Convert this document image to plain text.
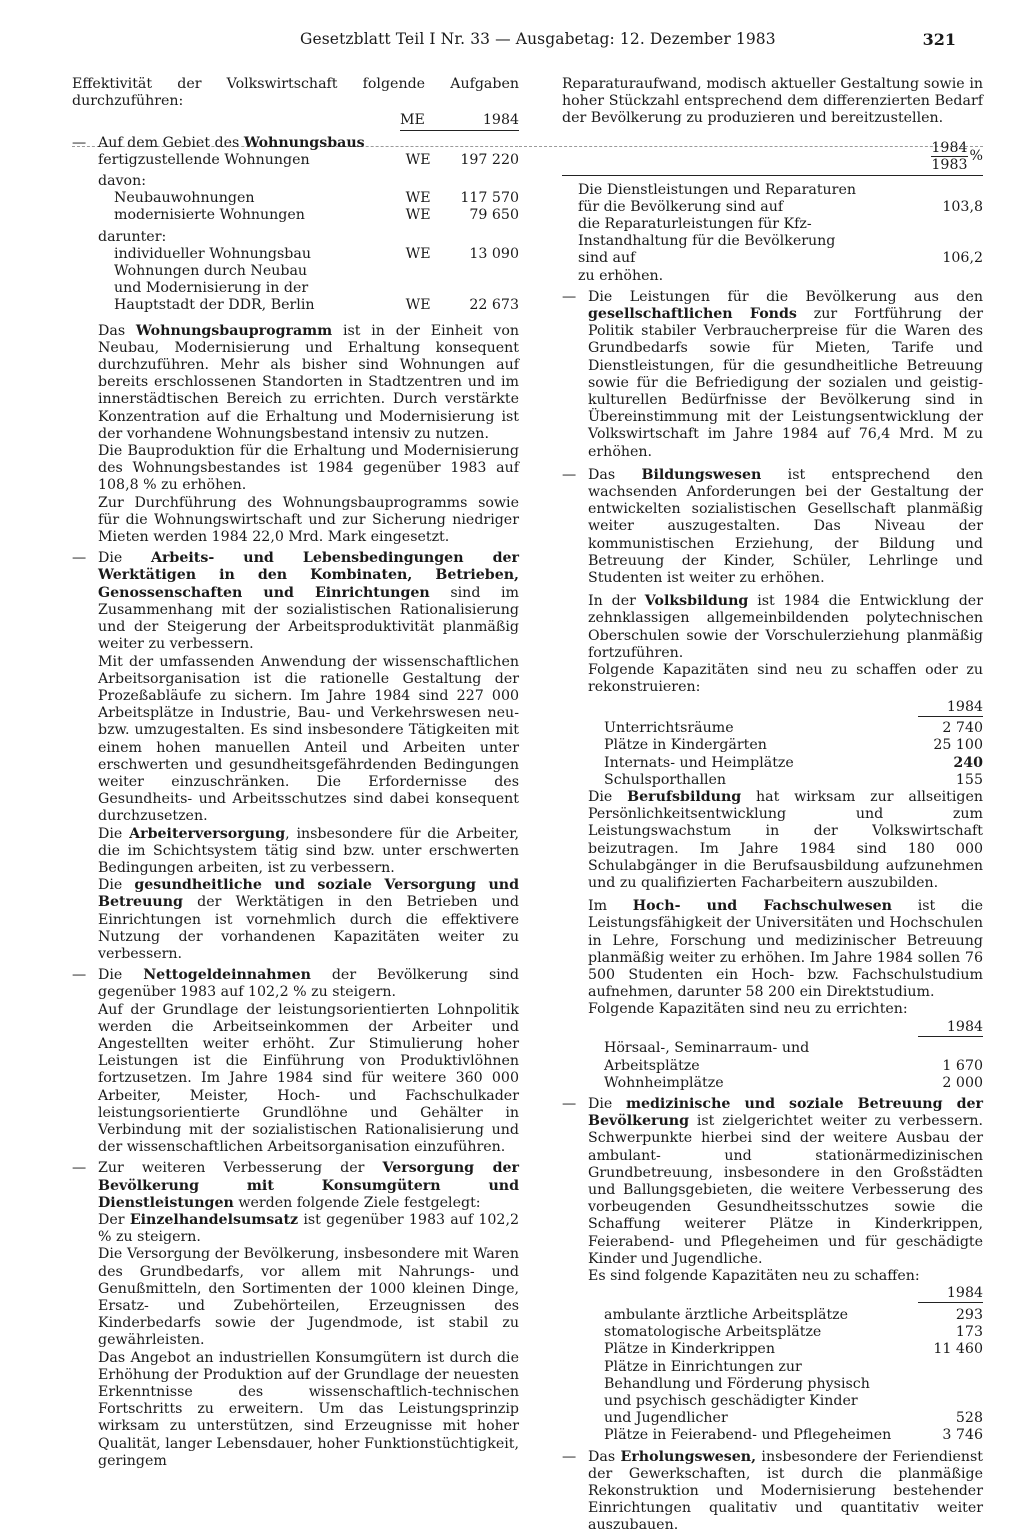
Gesetzblatt Teil I Nr. 33 — Ausgabetag: 12. Dezember 1983	321

Effektivität der Volkswirtschaft folgende Aufgaben durchzuführen:

	ME	1984
— Auf dem Gebiet des Wohnungsbaus
fertigzustellende Wohnungen	WE	197 220
davon:		
Neubauwohnungen	WE	117 570
modernisierte Wohnungen	WE	79 650
darunter:		
individueller Wohnungsbau	WE	13 090
Wohnungen durch Neubau und Modernisierung in der Hauptstadt der DDR, Berlin	WE	22 673

Das Wohnungsbauprogramm ist in der Einheit von Neubau, Modernisierung und Erhaltung konsequent durchzuführen. Mehr als bisher sind Wohnungen auf bereits erschlossenen Standorten in Stadtzentren und im innerstädtischen Bereich zu errichten. Durch verstärkte Konzentration auf die Erhaltung und Modernisierung ist der vorhandene Wohnungsbestand intensiv zu nutzen.

Die Bauproduktion für die Erhaltung und Modernisierung des Wohnungsbestandes ist 1984 gegenüber 1983 auf 108,8 % zu erhöhen.

Zur Durchführung des Wohnungsbauprogramms sowie für die Wohnungswirtschaft und zur Sicherung niedriger Mieten werden 1984 22,0 Mrd. Mark eingesetzt.

— Die Arbeits- und Lebensbedingungen der Werktätigen in den Kombinaten, Betrieben, Genossenschaften und Einrichtungen sind im Zusammenhang mit der sozialistischen Rationalisierung und der Steigerung der Arbeitsproduktivität planmäßig weiter zu verbessern.

Mit der umfassenden Anwendung der wissenschaftlichen Arbeitsorganisation ist die rationelle Gestaltung der Prozeßabläufe zu sichern. Im Jahre 1984 sind 227 000 Arbeitsplätze in Industrie, Bau- und Verkehrswesen neu- bzw. umzugestalten. Es sind insbesondere Tätigkeiten mit einem hohen manuellen Anteil und Arbeiten unter erschwerten und gesundheitsgefährdenden Bedingungen weiter einzuschränken. Die Erfordernisse des Gesundheits- und Arbeitsschutzes sind dabei konsequent durchzusetzen.

Die Arbeiterversorgung, insbesondere für die Arbeiter, die im Schichtsystem tätig sind bzw. unter erschwerten Bedingungen arbeiten, ist zu verbessern.

Die gesundheitliche und soziale Versorgung und Betreuung der Werktätigen in den Betrieben und Einrichtungen ist vornehmlich durch die effektivere Nutzung der vorhandenen Kapazitäten weiter zu verbessern.

— Die Nettogeldeinnahmen der Bevölkerung sind gegenüber 1983 auf 102,2 % zu steigern.

Auf der Grundlage der leistungsorientierten Lohnpolitik werden die Arbeitseinkommen der Arbeiter und Angestellten weiter erhöht. Zur Stimulierung hoher Leistungen ist die Einführung von Produktivlöhnen fortzusetzen. Im Jahre 1984 sind für weitere 360 000 Arbeiter, Meister, Hoch- und Fachschulkader leistungsorientierte Grundlöhne und Gehälter in Verbindung mit der sozialistischen Rationalisierung und der wissenschaftlichen Arbeitsorganisation einzuführen.

— Zur weiteren Verbesserung der Versorgung der Bevölkerung mit Konsumgütern und Dienstleistungen werden folgende Ziele festgelegt:

Der Einzelhandelsumsatz ist gegenüber 1983 auf 102,2 % zu steigern.

Die Versorgung der Bevölkerung, insbesondere mit Waren des Grundbedarfs, vor allem mit Nahrungs- und Genußmitteln, den Sortimenten der 1000 kleinen Dinge, Ersatz- und Zubehörteilen, Erzeugnissen des Kinderbedarfs sowie der Jugendmode, ist stabil zu gewährleisten.

Das Angebot an industriellen Konsumgütern ist durch die Erhöhung der Produktion auf der Grundlage der neuesten Erkenntnisse des wissenschaftlich-technischen Fortschritts zu erweitern. Um das Leistungsprinzip wirksam zu unterstützen, sind Erzeugnisse mit hoher Qualität, langer Lebensdauer, hoher Funktionstüchtigkeit, geringem

Reparaturaufwand, modisch aktueller Gestaltung sowie in hoher Stückzahl entsprechend dem differenzierten Bedarf der Bevölkerung zu produzieren und bereitzustellen.

	$\frac{1984}{1983}$ %

Die Dienstleistungen und Reparaturen für die Bevölkerung sind auf	103,8
die Reparaturleistungen für Kfz-Instandhaltung für die Bevölkerung sind auf	106,2
zu erhöhen.	
— Die Leistungen für die Bevölkerung aus den gesellschaftlichen Fonds zur Fortführung der Politik stabiler Verbraucherpreise für die Waren des Grundbedarfs sowie für Mieten, Tarife und Dienstleistungen, für die gesundheitliche Betreuung sowie für die Befriedigung der sozialen und geistig-kulturellen Bedürfnisse der Bevölkerung sind in Übereinstimmung mit der Leistungsentwicklung der Volkswirtschaft im Jahre 1984 auf 76,4 Mrd. M zu erhöhen.

— Das Bildungswesen ist entsprechend den wachsenden Anforderungen bei der Gestaltung der entwickelten sozialistischen Gesellschaft planmäßig weiter auszugestalten. Das Niveau der kommunistischen Erziehung, der Bildung und Betreuung der Kinder, Schüler, Lehrlinge und Studenten ist weiter zu erhöhen.

In der Volksbildung ist 1984 die Entwicklung der zehnklassigen allgemeinbildenden polytechnischen Oberschulen sowie der Vorschulerziehung planmäßig fortzuführen.

Folgende Kapazitäten sind neu zu schaffen oder zu rekonstruieren:

	1984
Unterrichtsräume	2 740
Plätze in Kindergärten	25 100
Internats- und Heimplätze	240
Schulsporthallen	155

Die Berufsbildung hat wirksam zur allseitigen Persönlichkeitsentwicklung und zum Leistungswachstum in der Volkswirtschaft beizutragen. Im Jahre 1984 sind 180 000 Schulabgänger in die Berufsausbildung aufzunehmen und zu qualifizierten Facharbeitern auszubilden.

Im Hoch- und Fachschulwesen ist die Leistungsfähigkeit der Universitäten und Hochschulen in Lehre, Forschung und medizinischer Betreuung planmäßig weiter zu erhöhen. Im Jahre 1984 sollen 76 500 Studenten ein Hoch- bzw. Fachschulstudium aufnehmen, darunter 58 200 ein Direktstudium.

Folgende Kapazitäten sind neu zu errichten:

	1984
Hörsaal-, Seminarraum- und Arbeitsplätze	1 670
Wohnheimplätze	2 000
— Die medizinische und soziale Betreuung der Bevölkerung ist zielgerichtet weiter zu verbessern. Schwerpunkte hierbei sind der weitere Ausbau der ambulant- und stationärmedizinischen Grundbetreuung, insbesondere in den Großstädten und Ballungsgebieten, die weitere Verbesserung des vorbeugenden Gesundheitsschutzes sowie die Schaffung weiterer Plätze in Kinderkrippen, Feierabend- und Pflegeheimen und für geschädigte Kinder und Jugendliche.

Es sind folgende Kapazitäten neu zu schaffen:

	1984
ambulante ärztliche Arbeitsplätze	293
stomatologische Arbeitsplätze	173
Plätze in Kinderkrippen	11 460
Plätze in Einrichtungen zur Behandlung und Förderung physisch und psychisch geschädigter Kinder und Jugendlicher	528
Plätze in Feierabend- und Pflegeheimen	3 746
— Das Erholungswesen, insbesondere der Feriendienst der Gewerkschaften, ist durch die planmäßige Rekonstruktion und Modernisierung bestehender Einrichtungen qualitativ und quantitativ weiter auszubauen.
